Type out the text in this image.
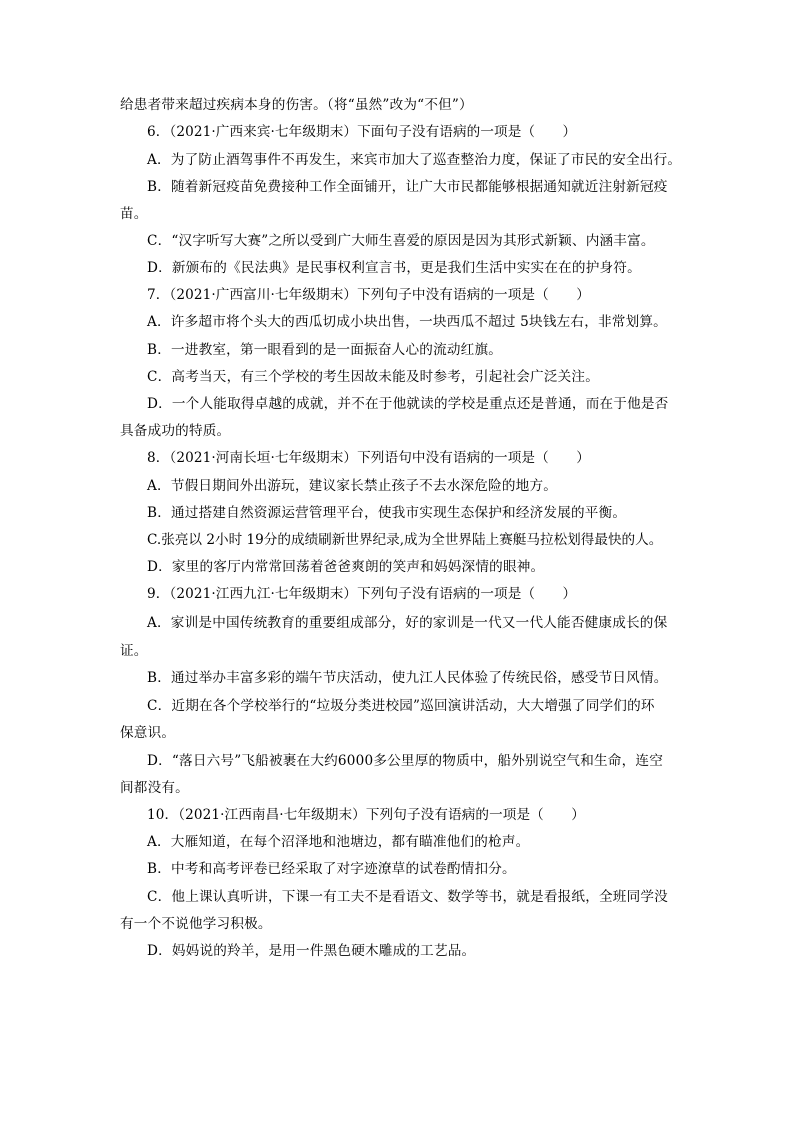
给患者带来超过疾病本身的伤害。（将“虽然”改为“不但”）
6．（2021·广西来宾·七年级期末）下面句子没有语病的一项是（　　）
A．为了防止酒驾事件不再发生，来宾市加大了巡查整治力度，保证了市民的安全出行。
B．随着新冠疫苗免费接种工作全面铺开，让广大市民都能够根据通知就近注射新冠疫
苗。
C．“汉字听写大赛”之所以受到广大师生喜爱的原因是因为其形式新颖、内涵丰富。
D．新颁布的《民法典》是民事权利宣言书，更是我们生活中实实在在的护身符。
7．（2021·广西富川·七年级期末）下列句子中没有语病的一项是（　　）
A．许多超市将个头大的西瓜切成小块出售，一块西瓜不超过 5块钱左右，非常划算。
B．一进教室，第一眼看到的是一面振奋人心的流动红旗。
C．高考当天，有三个学校的考生因故未能及时参考，引起社会广泛关注。
D．一个人能取得卓越的成就，并不在于他就读的学校是重点还是普通，而在于他是否
具备成功的特质。
8．（2021·河南长垣·七年级期末）下列语句中没有语病的一项是（　　）
A．节假日期间外出游玩，建议家长禁止孩子不去水深危险的地方。
B．通过搭建自然资源运营管理平台，使我市实现生态保护和经济发展的平衡。
C.张亮以 2小时 19分的成绩刷新世界纪录,成为全世界陆上赛艇马拉松划得最快的人。
D．家里的客厅内常常回荡着爸爸爽朗的笑声和妈妈深情的眼神。
9．（2021·江西九江·七年级期末）下列句子没有语病的一项是（　　）
A．家训是中国传统教育的重要组成部分，好的家训是一代又一代人能否健康成长的保
证。
B．通过举办丰富多彩的端午节庆活动，使九江人民体验了传统民俗，感受节日风情。
C．近期在各个学校举行的“垃圾分类进校园”巡回演讲活动，大大增强了同学们的环
保意识。
D．“落日六号”飞船被裹在大约6000多公里厚的物质中，船外别说空气和生命，连空
间都没有。
10．（2021·江西南昌·七年级期末）下列句子没有语病的一项是（　　）
A．大雁知道，在每个沼泽地和池塘边，都有瞄准他们的枪声。
B．中考和高考评卷已经采取了对字迹潦草的试卷酌情扣分。
C．他上课认真听讲，下课一有工夫不是看语文、数学等书，就是看报纸，全班同学没
有一个不说他学习积极。
D．妈妈说的羚羊，是用一件黑色硬木雕成的工艺品。
